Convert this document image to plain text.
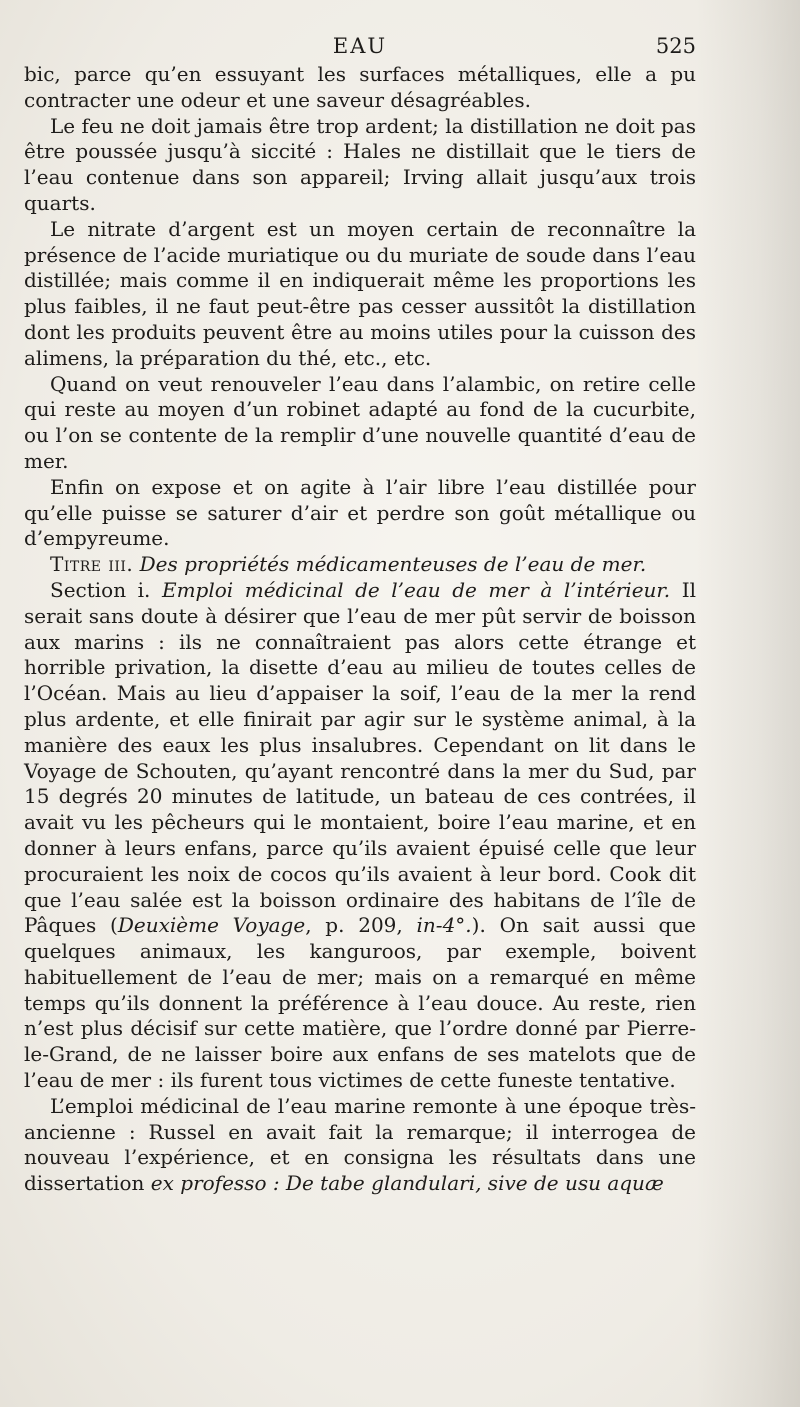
EAU	525

bic, parce qu’en essuyant les surfaces métalliques, elle a pu contracter une odeur et une saveur désagréables.

Le feu ne doit jamais être trop ardent; la distillation ne doit pas être poussée jusqu’à siccité : Hales ne distillait que le tiers de l’eau contenue dans son appareil; Irving allait jusqu’aux trois quarts.

Le nitrate d’argent est un moyen certain de reconnaître la présence de l’acide muriatique ou du muriate de soude dans l’eau distillée; mais comme il en indiquerait même les proportions les plus faibles, il ne faut peut-être pas cesser aussitôt la distillation dont les produits peuvent être au moins utiles pour la cuisson des alimens, la préparation du thé, etc., etc.

Quand on veut renouveler l’eau dans l’alambic, on retire celle qui reste au moyen d’un robinet adapté au fond de la cucurbite, ou l’on se contente de la remplir d’une nouvelle quantité d’eau de mer.

Enfin on expose et on agite à l’air libre l’eau distillée pour qu’elle puisse se saturer d’air et perdre son goût métallique ou d’empyreume.

Titre iii. Des propriétés médicamenteuses de l’eau de mer.

Section i. Emploi médicinal de l’eau de mer à l’intérieur. Il serait sans doute à désirer que l’eau de mer pût servir de boisson aux marins : ils ne connaîtraient pas alors cette étrange et horrible privation, la disette d’eau au milieu de toutes celles de l’Océan. Mais au lieu d’appaiser la soif, l’eau de la mer la rend plus ardente, et elle finirait par agir sur le système animal, à la manière des eaux les plus insalubres. Cependant on lit dans le Voyage de Schouten, qu’ayant rencontré dans la mer du Sud, par 15 degrés 20 minutes de latitude, un bateau de ces contrées, il avait vu les pêcheurs qui le montaient, boire l’eau marine, et en donner à leurs enfans, parce qu’ils avaient épuisé celle que leur procuraient les noix de cocos qu’ils avaient à leur bord. Cook dit que l’eau salée est la boisson ordinaire des habitans de l’île de Pâques (Deuxième Voyage, p. 209, in-4°.). On sait aussi que quelques animaux, les kanguroos, par exemple, boivent habituellement de l’eau de mer; mais on a remarqué en même temps qu’ils donnent la préférence à l’eau douce. Au reste, rien n’est plus décisif sur cette matière, que l’ordre donné par Pierre-le-Grand, de ne laisser boire aux enfans de ses matelots que de l’eau de mer : ils furent tous victimes de cette funeste tentative.

L’emploi médicinal de l’eau marine remonte à une époque très-ancienne : Russel en avait fait la remarque; il interrogea de nouveau l’expérience, et en consigna les résultats dans une dissertation ex professo : De tabe glandulari, sive de usu aquæ
